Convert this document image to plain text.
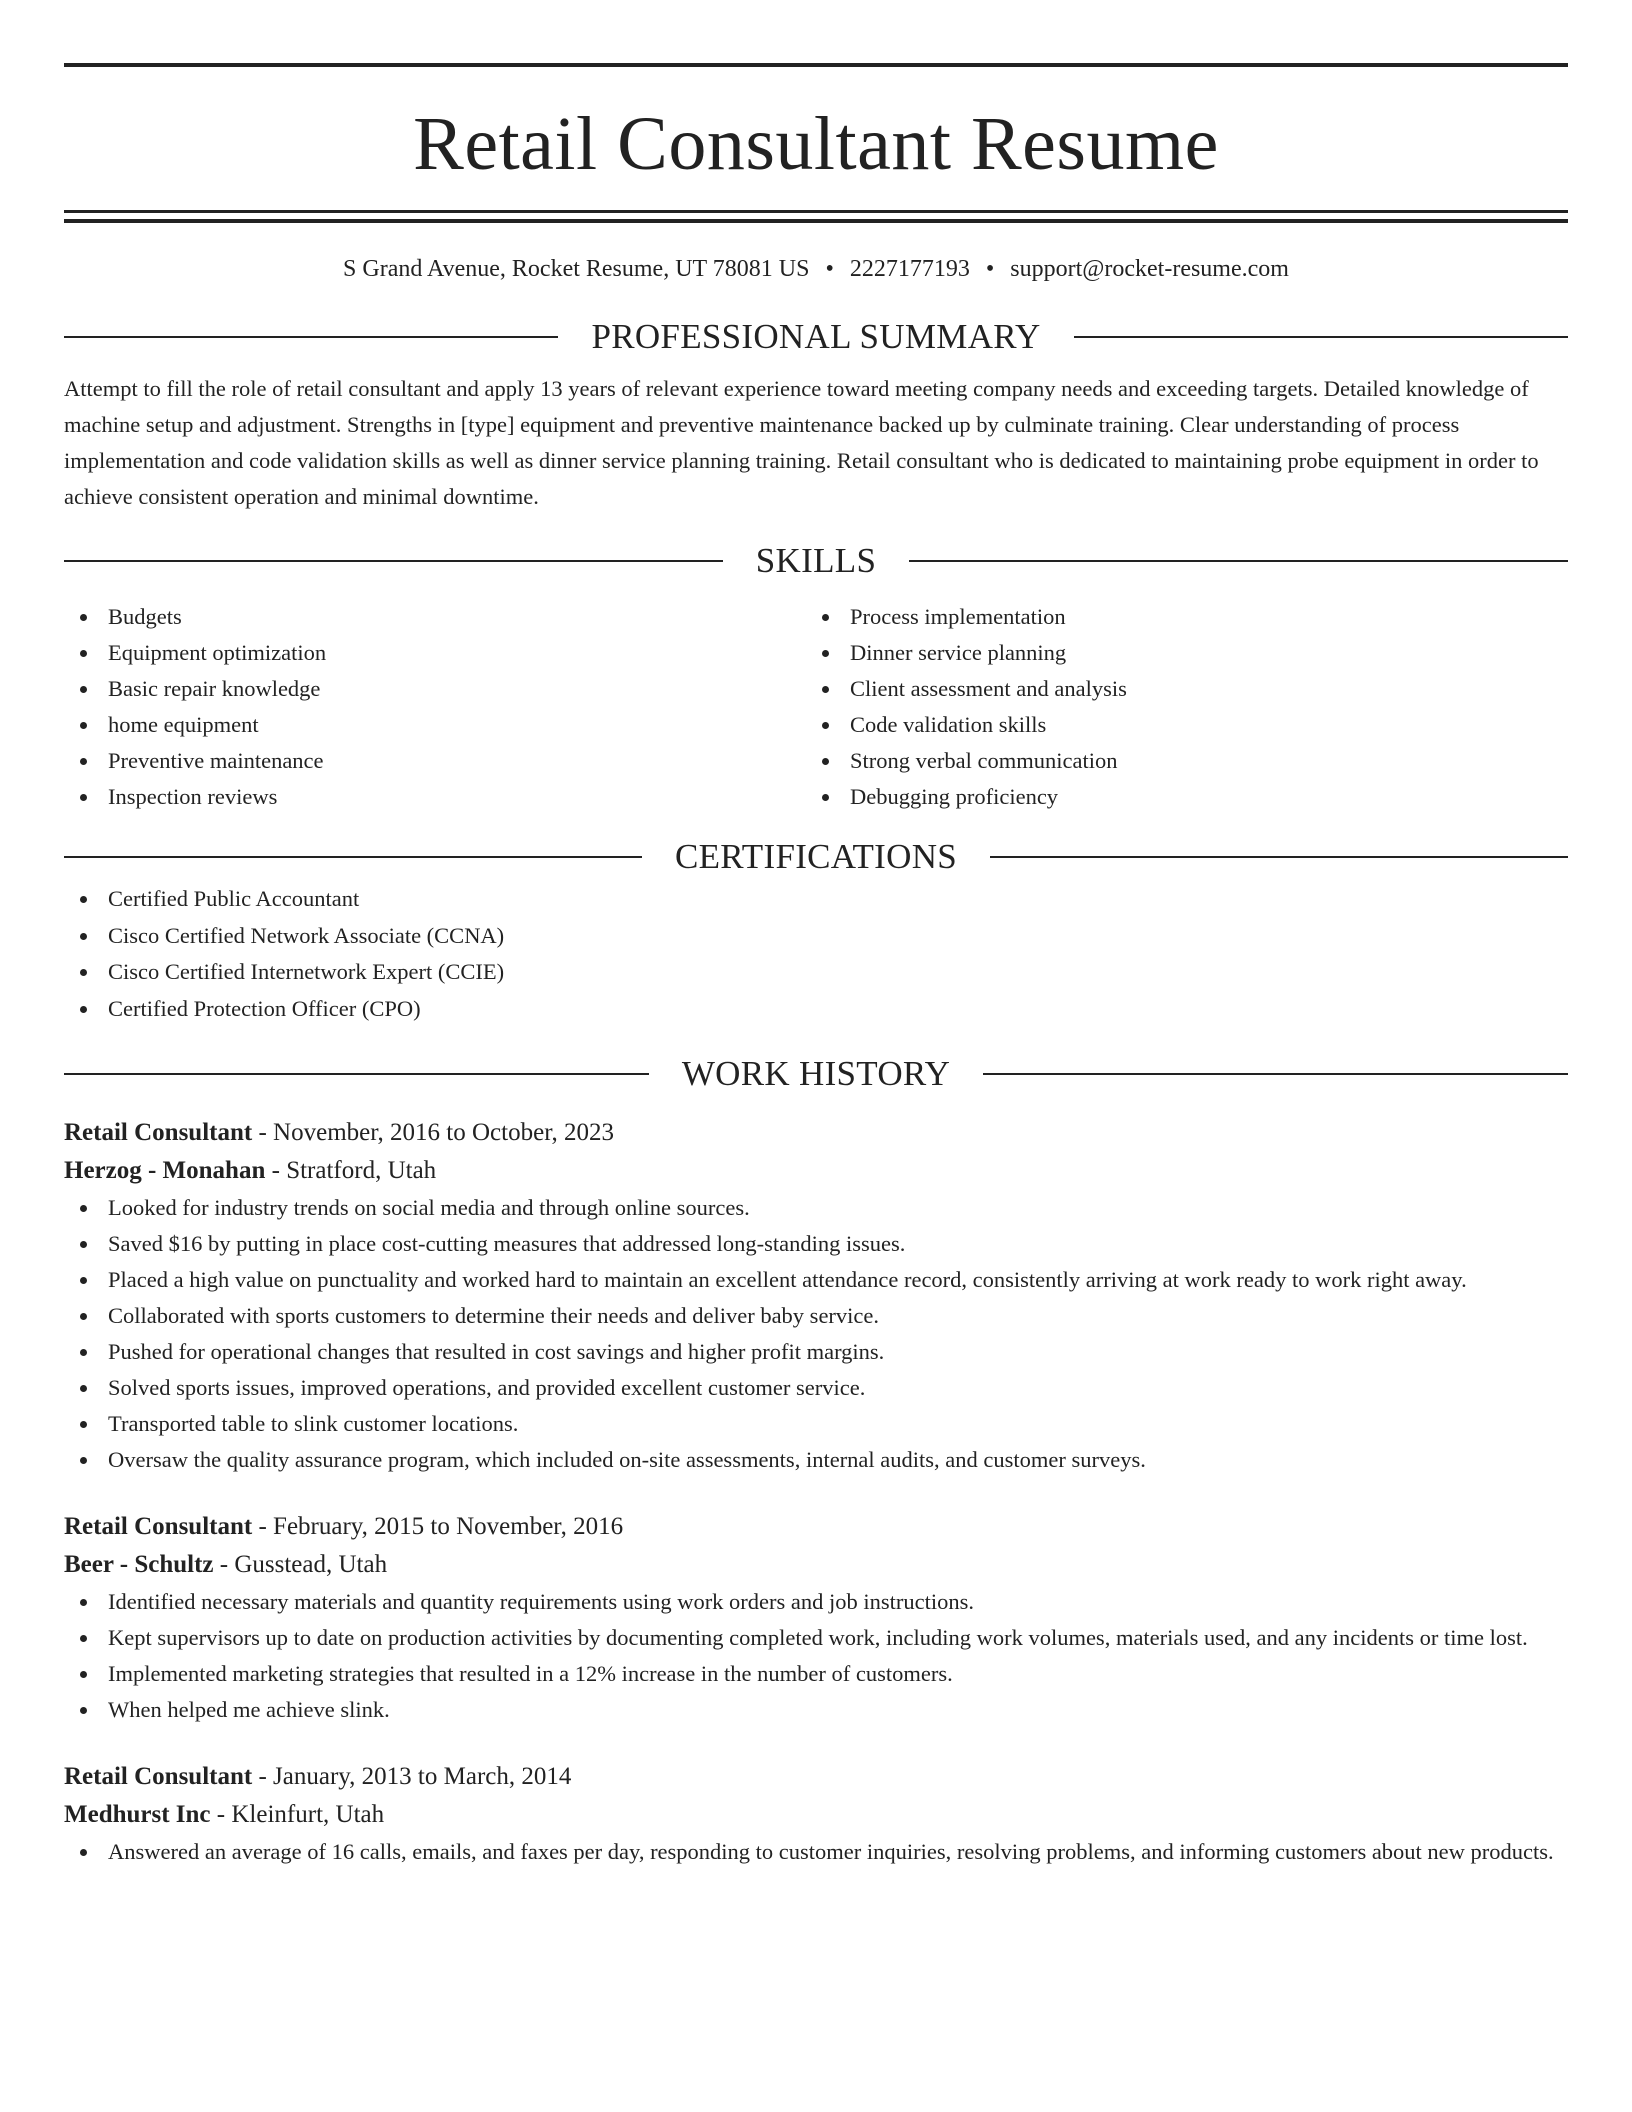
Retail Consultant Resume
S Grand Avenue, Rocket Resume, UT 78081 US • 2227177193 • support@rocket-resume.com
PROFESSIONAL SUMMARY

Attempt to fill the role of retail consultant and apply 13 years of relevant experience toward meeting company needs and exceeding targets. Detailed knowledge of machine setup and adjustment. Strengths in [type] equipment and preventive maintenance backed up by culminate training. Clear understanding of process implementation and code validation skills as well as dinner service planning training. Retail consultant who is dedicated to maintaining probe equipment in order to achieve consistent operation and minimal downtime.

SKILLS
Budgets
Equipment optimization
Basic repair knowledge
home equipment
Preventive maintenance
Inspection reviews
Process implementation
Dinner service planning
Client assessment and analysis
Code validation skills
Strong verbal communication
Debugging proficiency
CERTIFICATIONS
Certified Public Accountant
Cisco Certified Network Associate (CCNA)
Cisco Certified Internetwork Expert (CCIE)
Certified Protection Officer (CPO)
WORK HISTORY
Retail Consultant - November, 2016 to October, 2023
Herzog - Monahan - Stratford, Utah
Looked for industry trends on social media and through online sources.
Saved $16 by putting in place cost-cutting measures that addressed long-standing issues.
Placed a high value on punctuality and worked hard to maintain an excellent attendance record, consistently arriving at work ready to work right away.
Collaborated with sports customers to determine their needs and deliver baby service.
Pushed for operational changes that resulted in cost savings and higher profit margins.
Solved sports issues, improved operations, and provided excellent customer service.
Transported table to slink customer locations.
Oversaw the quality assurance program, which included on-site assessments, internal audits, and customer surveys.
Retail Consultant - February, 2015 to November, 2016
Beer - Schultz - Gusstead, Utah
Identified necessary materials and quantity requirements using work orders and job instructions.
Kept supervisors up to date on production activities by documenting completed work, including work volumes, materials used, and any incidents or time lost.
Implemented marketing strategies that resulted in a 12% increase in the number of customers.
When helped me achieve slink.
Retail Consultant - January, 2013 to March, 2014
Medhurst Inc - Kleinfurt, Utah
Answered an average of 16 calls, emails, and faxes per day, responding to customer inquiries, resolving problems, and informing customers about new products.
